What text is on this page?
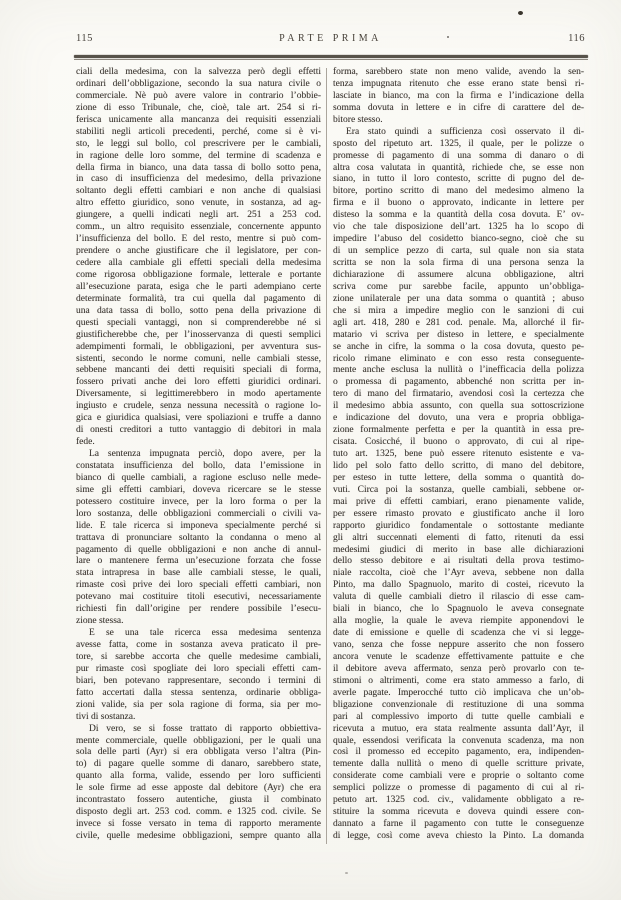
115	PARTE PRIMA	116
ciali della medesima, con la salvezza però degli effetti
ordinari dell’obbligazione, secondo la sua natura civile o
commerciale. Nè può avere valore in contrario l’obbie-
zione di esso Tribunale, che, cioè, tale art. 254 si ri-
ferisca unicamente alla mancanza dei requisiti essenziali
stabiliti negli articoli precedenti, perché, come si è vi-
sto, le leggi sul bollo, col prescrivere per le cambiali,
in ragione delle loro somme, del termine di scadenza e
della firma in bianco, una data tassa di bollo sotto pena,
in caso di insufficienza del medesimo, della privazione
soltanto degli effetti cambiari e non anche di qualsiasi
altro effetto giuridico, sono venute, in sostanza, ad ag-
giungere, a quelli indicati negli art. 251 a 253 cod.
comm., un altro requisito essenziale, concernente appunto
l’insufficienza del bollo. E del resto, mentre si può com-
prendere o anche giustificare che il legislatore, per con-
cedere alla cambiale gli effetti speciali della medesima
come rigorosa obbligazione formale, letterale e portante
all’esecuzione parata, esiga che le parti adempiano certe
determinate formalità, tra cui quella dal pagamento di
una data tassa di bollo, sotto pena della privazione di
questi speciali vantaggi, non si comprenderebbe né si
giustificherebbe che, per l’inosservanza di questi semplici
adempimenti formali, le obbligazioni, per avventura sus-
sistenti, secondo le norme comuni, nelle cambiali stesse,
sebbene mancanti dei detti requisiti speciali di forma,
fossero privati anche dei loro effetti giuridici ordinari.
Diversamente, si legittimerebbero in modo apertamente
ingiusto e crudele, senza nessuna necessità o ragione lo-
gica e giuridica qualsiasi, vere spoliazioni e truffe a danno
di onesti creditori a tutto vantaggio di debitori in mala
fede.
La sentenza impugnata perciò, dopo avere, per la
constatata insufficienza del bollo, data l’emissione in
bianco di quelle cambiali, a ragione escluso nelle mede-
sime gli effetti cambiari, doveva ricercare se le stesse
potessero costituire invece, per la loro forma o per la
loro sostanza, delle obbligazioni commerciali o civili va-
lide. E tale ricerca si imponeva specialmente perché si
trattava di pronunciare soltanto la condanna o meno al
pagamento di quelle obbligazioni e non anche di annul-
lare o mantenere ferma un’esecuzione forzata che fosse
stata intrapresa in base alle cambiali stesse, le quali,
rimaste così prive dei loro speciali effetti cambiari, non
potevano mai costituire titoli esecutivi, necessariamente
richiesti fin dall’origine per rendere possibile l’esecu-
zione stessa.
E se una tale ricerca essa medesima sentenza
avesse fatta, come in sostanza aveva praticato il pre-
tore, si sarebbe accorta che quelle medesime cambiali,
pur rimaste così spogliate dei loro speciali effetti cam-
biari, ben potevano rappresentare, secondo i termini di
fatto accertati dalla stessa sentenza, ordinarie obbliga-
zioni valide, sia per sola ragione di forma, sia per mo-
tivi di sostanza.
Di vero, se si fosse trattato di rapporto obbiettiva-
mente commerciale, quelle obbligazioni, per le quali una
sola delle parti (Ayr) si era obbligata verso l’altra (Pin-
to) di pagare quelle somme di danaro, sarebbero state,
quanto alla forma, valide, essendo per loro sufficienti
le sole firme ad esse apposte dal debitore (Ayr) che era
incontrastato fossero autentiche, giusta il combinato
disposto degli art. 253 cod. comm. e 1325 cod. civile. Se
invece si fosse versato in tema di rapporto meramente
civile, quelle medesime obbligazioni, sempre quanto alla
forma, sarebbero state non meno valide, avendo la sen-
tenza impugnata ritenuto che esse erano state bensì ri-
lasciate in bianco, ma con la firma e l’indicazione della
somma dovuta in lettere e in cifre di carattere del de-
bitore stesso.
Era stato quindi a sufficienza così osservato il di-
sposto del ripetuto art. 1325, il quale, per le polizze o
promesse di pagamento di una somma di danaro o di
altra cosa valutata in quantità, richiede che, se esse non
siano, in tutto il loro contesto, scritte di pugno del de-
bitore, portino scritto di mano del medesimo almeno la
firma e il buono o approvato, indicante in lettere per
disteso la somma e la quantità della cosa dovuta. E’ ov-
vio che tale disposizione dell’art. 1325 ha lo scopo di
impedire l’abuso del cosidetto bianco-segno, cioè che su
di un semplice pezzo di carta, sul quale non sia stata
scritta se non la sola firma di una persona senza la
dichiarazione di assumere alcuna obbligazione, altri
scriva come pur sarebbe facile, appunto un’obbliga-
zione unilaterale per una data somma o quantità ; abuso
che si mira a impedire meglio con le sanzioni di cui
agli art. 418, 280 e 281 cod. penale. Ma, allorché il fir-
matario vi scriva per disteso in lettere, e specialmente
se anche in cifre, la somma o la cosa dovuta, questo pe-
ricolo rimane eliminato e con esso resta conseguente-
mente anche esclusa la nullità o l’inefficacia della polizza
o promessa di pagamento, abbenché non scritta per in-
tero di mano del firmatario, avendosi così la certezza che
il medesimo abbia assunto, con quella sua sottoscrizione
e indicazione del dovuto, una vera e propria obbliga-
zione formalmente perfetta e per la quantità in essa pre-
cisata. Cosicché, il buono o approvato, di cui al ripe-
tuto art. 1325, bene può essere ritenuto esistente e va-
lido pel solo fatto dello scritto, di mano del debitore,
per esteso in tutte lettere, della somma o quantità do-
vuti. Circa poi la sostanza, quelle cambiali, sebbene or-
mai prive di effetti cambiari, erano pienamente valide,
per essere rimasto provato e giustificato anche il loro
rapporto giuridico fondamentale o sottostante mediante
gli altri succennati elementi di fatto, ritenuti da essi
medesimi giudici di merito in base alle dichiarazioni
dello stesso debitore e ai risultati della prova testimo-
niale raccolta, cioè che l’Ayr aveva, sebbene non dalla
Pinto, ma dallo Spagnuolo, marito di costei, ricevuto la
valuta di quelle cambiali dietro il rilascio di esse cam-
biali in bianco, che lo Spagnuolo le aveva consegnate
alla moglie, la quale le aveva riempite apponendovi le
date di emissione e quelle di scadenza che vi si legge-
vano, senza che fosse neppure asserito che non fossero
ancora venute le scadenze effettivamente pattuite e che
il debitore aveva affermato, senza però provarlo con te-
stimoni o altrimenti, come era stato ammesso a farlo, di
averle pagate. Imperocché tutto ciò implicava che un’ob-
bligazione convenzionale di restituzione di una somma
pari al complessivo importo di tutte quelle cambiali e
ricevuta a mutuo, era stata realmente assunta dall’Ayr, il
quale, essendosi verificata la convenuta scadenza, ma non
così il promesso ed eccepito pagamento, era, indipenden-
temente dalla nullità o meno di quelle scritture private,
considerate come cambiali vere e proprie o soltanto come
semplici polizze o promesse di pagamento di cui al ri-
petuto art. 1325 cod. civ., validamente obbligato a re-
stituire la somma ricevuta e doveva quindi essere con-
dannato a farne il pagamento con tutte le conseguenze
di legge, così come aveva chiesto la Pinto. La domanda
